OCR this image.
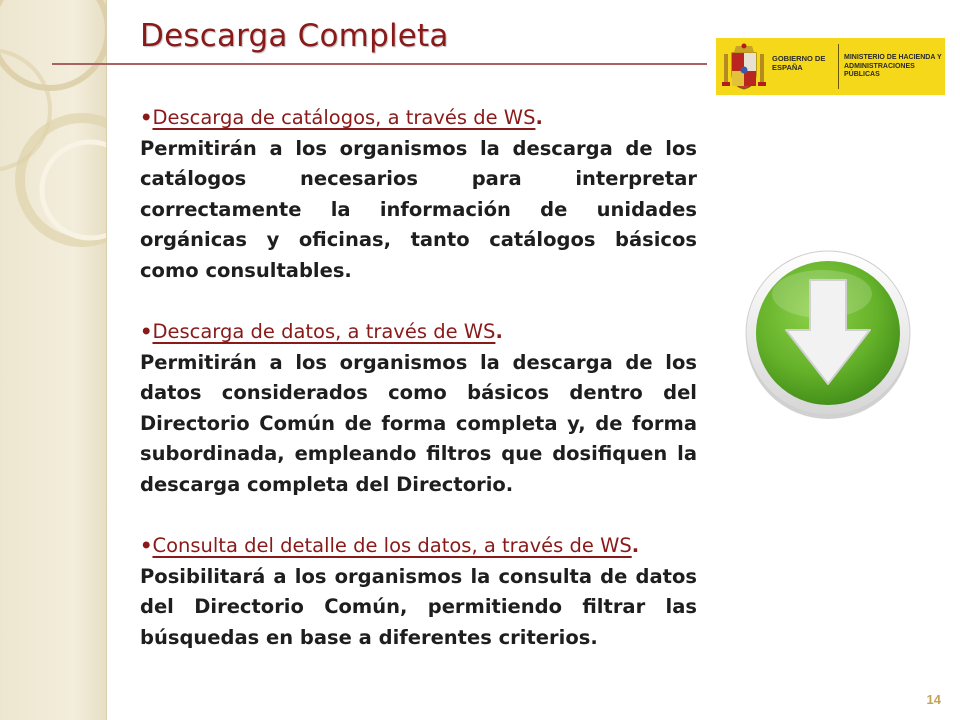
Descarga Completa
GOBIERNO DE ESPAÑA
MINISTERIO DE HACIENDA Y ADMINISTRACIONES PÚBLICAS
•Descarga de catálogos, a través de WS.

Permitirán a los organismos la descarga de los catálogos necesarios para interpretar correctamente la información de unidades orgánicas y oficinas, tanto catálogos básicos como consultables.

•Descarga de datos, a través de WS.

Permitirán a los organismos la descarga de los datos considerados como básicos dentro del Directorio Común de forma completa y, de forma subordinada, empleando filtros que dosifiquen la descarga completa del Directorio.

•Consulta del detalle de los datos, a través de WS.

Posibilitará a los organismos la consulta de datos del Directorio Común, permitiendo filtrar las búsquedas en base a diferentes criterios.

14
